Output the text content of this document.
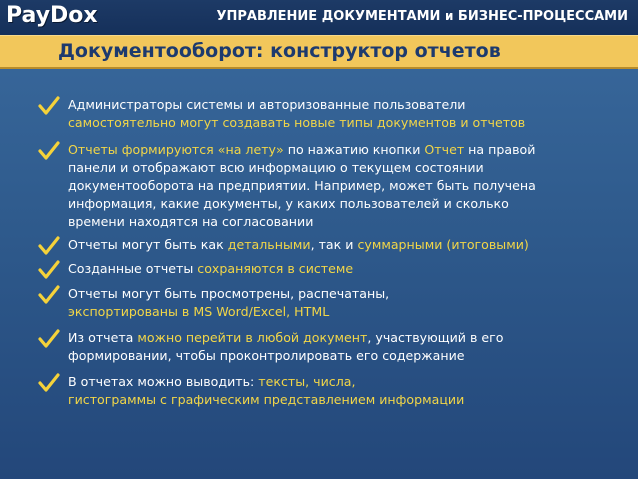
PayDox	УПРАВЛЕНИЕ ДОКУМЕНТАМИ и БИЗНЕС-ПРОЦЕССАМИ
Документооборот: конструктор отчетов
Администраторы системы и авторизованные пользователи
самостоятельно могут создавать новые типы документов и отчетов
Отчеты формируются «на лету» по нажатию кнопки Отчет на правой
панели и отображают всю информацию о текущем состоянии
документооборота на предприятии. Например, может быть получена
информация, какие документы, у каких пользователей и сколько
времени находятся на согласовании
Отчеты могут быть как детальными, так и суммарными (итоговыми)
Созданные отчеты сохраняются в системе
Отчеты могут быть просмотрены, распечатаны,
экспортированы в MS Word/Excel, HTML
Из отчета можно перейти в любой документ, участвующий в его
формировании, чтобы проконтролировать его содержание
В отчетах можно выводить: тексты, числа,
гистограммы с графическим представлением информации
